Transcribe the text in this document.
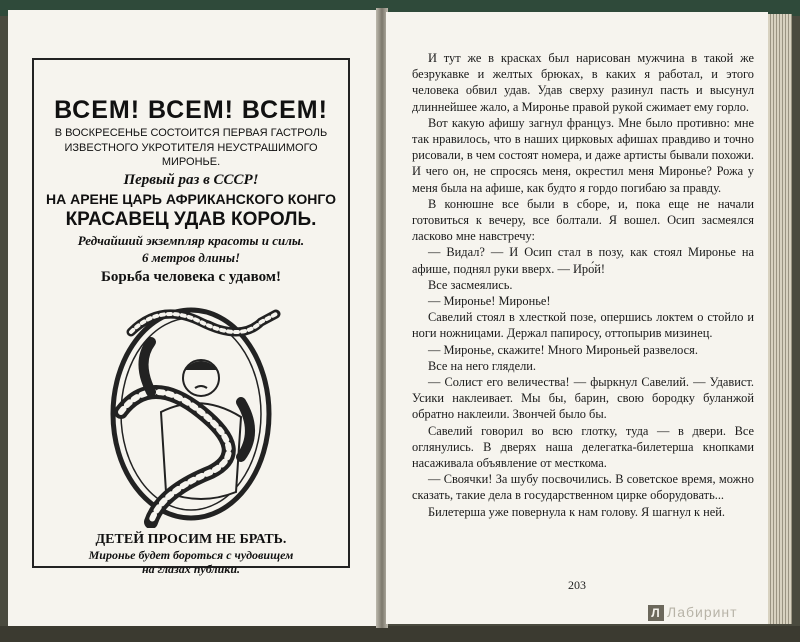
ВСЕМ! ВСЕМ! ВСЕМ!
В ВОСКРЕСЕНЬЕ СОСТОИТСЯ ПЕРВАЯ ГАСТРОЛЬ
ИЗВЕСТНОГО УКРОТИТЕЛЯ НЕУСТРАШИМОГО МИРОНЬЕ.
Первый раз в СССР!
НА АРЕНЕ ЦАРЬ АФРИКАНСКОГО КОНГО
КРАСАВЕЦ УДАВ КОРОЛЬ.
Редчайший экземпляр красоты и силы.
6 метров длины!
Борьба человека с удавом!
ДЕТЕЙ ПРОСИМ НЕ БРАТЬ.
Миронье будет бороться с чудовищем
на глазах публики.

И тут же в красках был нарисован мужчина в такой же безрукавке и желтых брюках, в каких я работал, и этого человека обвил удав. Удав сверху разинул пасть и высунул длиннейшее жало, а Миронье правой рукой сжимает ему горло.

Вот какую афишу загнул француз. Мне было противно: мне так нравилось, что в наших цирковых афишах правдиво и точно рисовали, в чем состоят номера, и даже артисты бывали похожи. И чего он, не спросясь меня, окрестил меня Миронье? Рожа у меня была на афише, как будто я гордо погибаю за правду.

В конюшне все были в сборе, и, пока еще не начали готовиться к вечеру, все болтали. Я вошел. Осип засмеялся ласково мне навстречу:

— Видал? — И Осип стал в позу, как стоял Миронье на афише, поднял руки вверх. — Иро́й!

Все засмеялись.

— Миронье! Миронье!

Савелий стоял в хлесткой позе, опершись локтем о стойло и ноги ножницами. Держал папиросу, оттопырив мизинец.

— Миронье, скажите! Много Мироньей развелося.

Все на него глядели.

— Солист его величества! — фыркнул Савелий. — Удавист. Усики наклеивает. Мы бы, барин, свою бородку буланжой обратно наклеили. Звончей было бы.

Савелий говорил во всю глотку, туда — в двери. Все оглянулись. В дверях наша делегатка-билетерша кнопками насаживала объявление от месткома.

— Своячки! За шубу посвочились. В советское время, можно сказать, такие дела в государственном цирке оборудовать...

Билетерша уже повернула к нам голову. Я шагнул к ней.

203
Л Лабиринт
